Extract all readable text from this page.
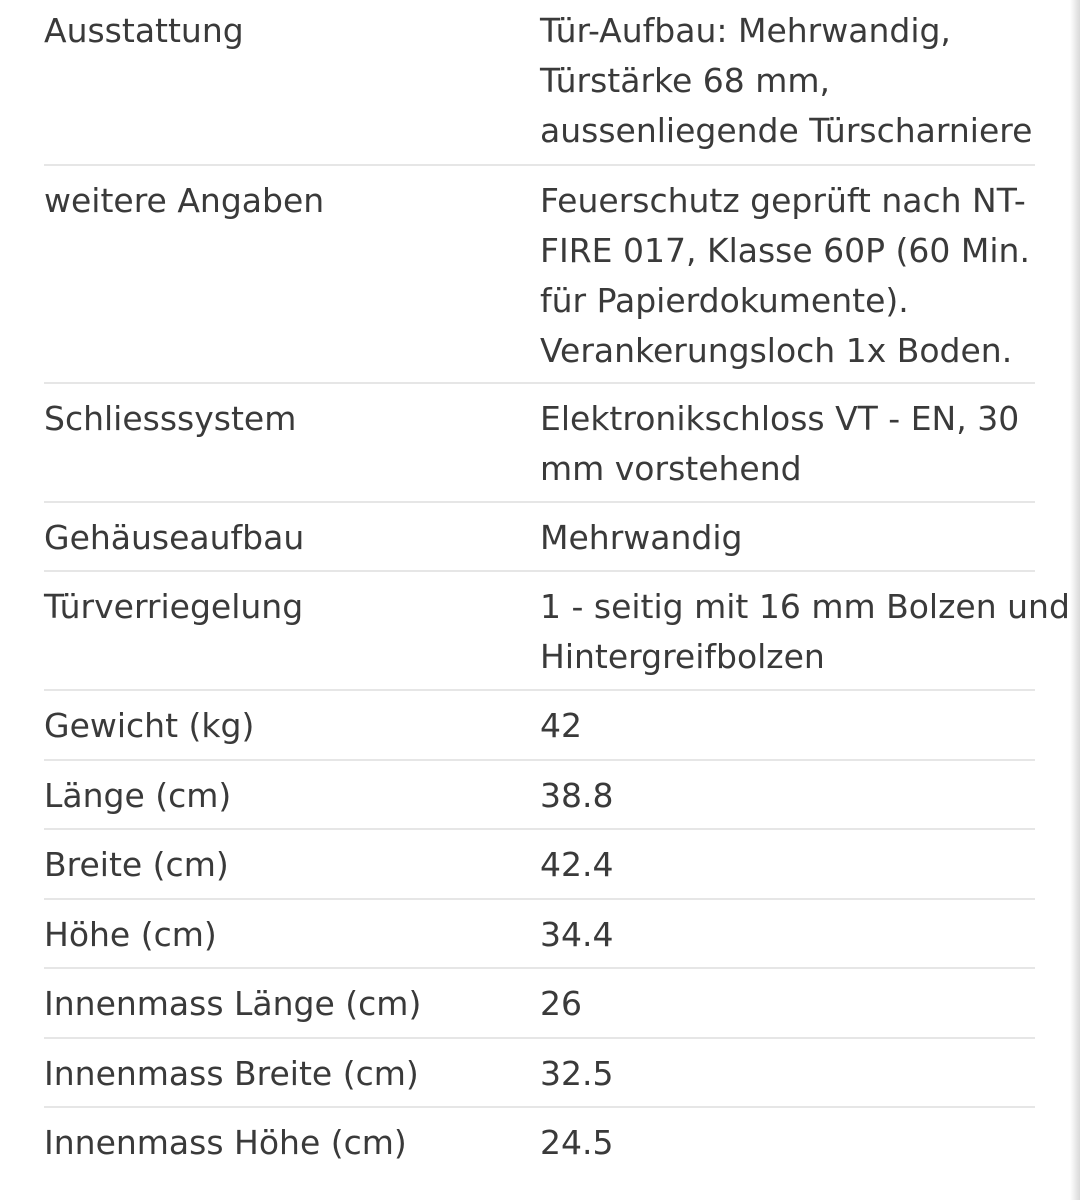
Ausstattung	Tür-Aufbau: Mehrwandig,
Türstärke 68 mm,
aussenliegende Türscharniere
weitere Angaben	Feuerschutz geprüft nach NT-
FIRE 017, Klasse 60P (60 Min.
für Papierdokumente).
Verankerungsloch 1x Boden.
Schliesssystem	Elektronikschloss VT - EN, 30
mm vorstehend
Gehäuseaufbau	Mehrwandig
Türverriegelung	1 - seitig mit 16 mm Bolzen und
Hintergreifbolzen
Gewicht (kg)	42
Länge (cm)	38.8
Breite (cm)	42.4
Höhe (cm)	34.4
Innenmass Länge (cm)	26
Innenmass Breite (cm)	32.5
Innenmass Höhe (cm)	24.5
